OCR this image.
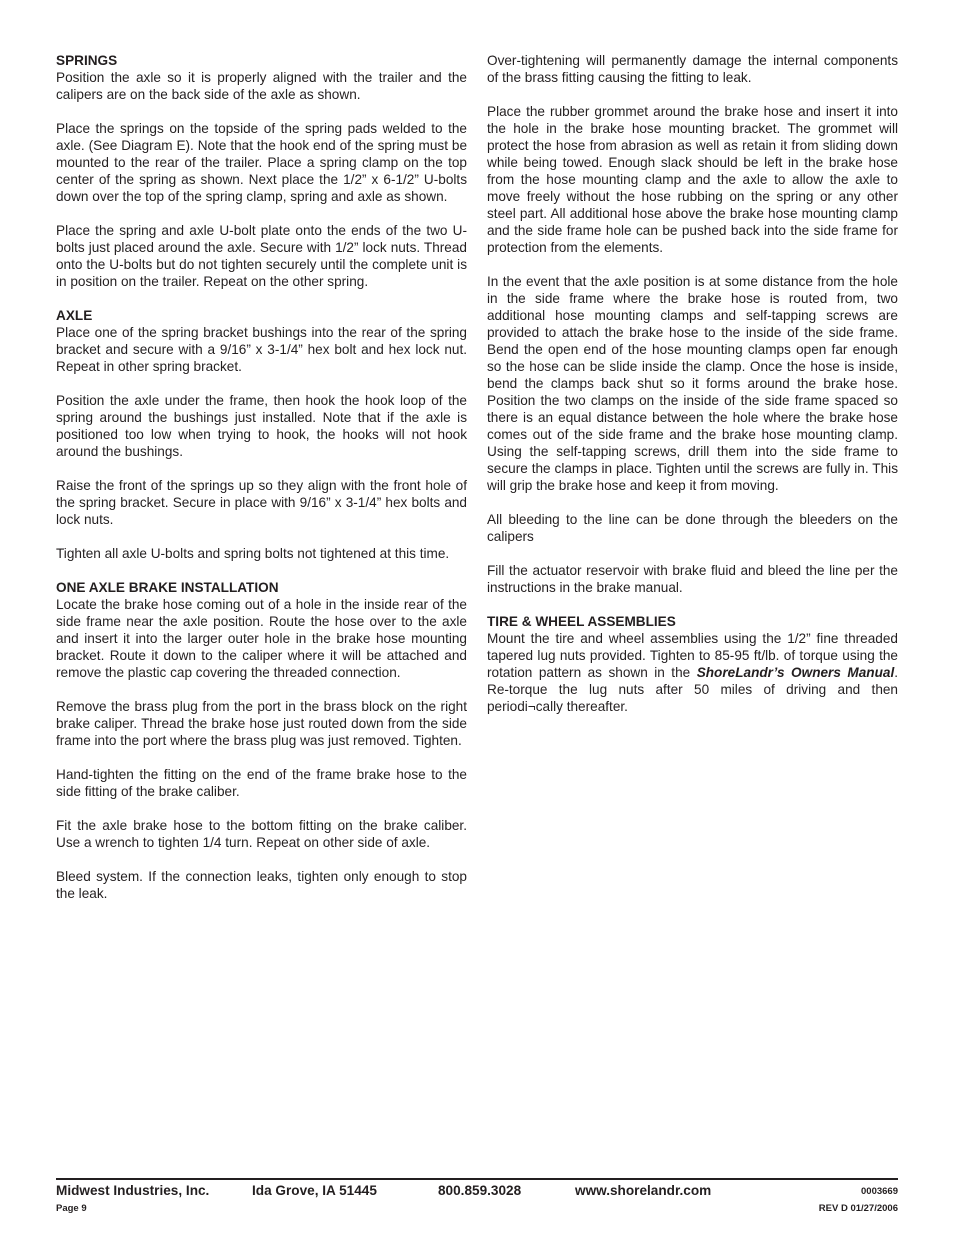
SPRINGS

Position the axle so it is properly aligned with the trailer and the calipers are on the back side of the axle as shown.

Place the springs on the topside of the spring pads welded to the axle. (See Diagram E). Note that the hook end of the spring must be mounted to the rear of the trailer. Place a spring clamp on the top center of the spring as shown. Next place the 1/2” x 6-1/2” U-bolts down over the top of the spring clamp, spring and axle as shown.

Place the spring and axle U-bolt plate onto the ends of the two U-bolts just placed around the axle. Secure with 1/2” lock nuts. Thread onto the U-bolts but do not tighten securely until the complete unit is in position on the trailer. Repeat on the other spring.

AXLE

Place one of the spring bracket bushings into the rear of the spring bracket and secure with a 9/16” x 3-1/4” hex bolt and hex lock nut. Repeat in other spring bracket.

Position the axle under the frame, then hook the hook loop of the spring around the bushings just installed. Note that if the axle is positioned too low when trying to hook, the hooks will not hook around the bushings.

Raise the front of the springs up so they align with the front hole of the spring bracket. Secure in place with 9/16” x 3-1/4” hex bolts and lock nuts.

Tighten all axle U-bolts and spring bolts not tightened at this time.

ONE AXLE BRAKE INSTALLATION

Locate the brake hose coming out of a hole in the inside rear of the side frame near the axle position. Route the hose over to the axle and insert it into the larger outer hole in the brake hose mounting bracket. Route it down to the caliper where it will be attached and remove the plastic cap covering the threaded connection.

Remove the brass plug from the port in the brass block on the right brake caliper. Thread the brake hose just routed down from the side frame into the port where the brass plug was just removed. Tighten.

Hand-tighten the fitting on the end of the frame brake hose to the side fitting of the brake caliber.

Fit the axle brake hose to the bottom fitting on the brake caliber. Use a wrench to tighten 1/4 turn. Repeat on other side of axle.

Bleed system. If the connection leaks, tighten only enough to stop the leak.

Over-tightening will permanently damage the internal components of the brass fitting causing the fitting to leak.

Place the rubber grommet around the brake hose and insert it into the hole in the brake hose mounting bracket. The grommet will protect the hose from abrasion as well as retain it from sliding down while being towed. Enough slack should be left in the brake hose from the hose mounting clamp and the axle to allow the axle to move freely without the hose rubbing on the spring or any other steel part. All additional hose above the brake hose mounting clamp and the side frame hole can be pushed back into the side frame for protection from the elements.

In the event that the axle position is at some distance from the hole in the side frame where the brake hose is routed from, two additional hose mounting clamps and self-tapping screws are provided to attach the brake hose to the inside of the side frame. Bend the open end of the hose mounting clamps open far enough so the hose can be slide inside the clamp. Once the hose is inside, bend the clamps back shut so it forms around the brake hose. Position the two clamps on the inside of the side frame spaced so there is an equal distance between the hole where the brake hose comes out of the side frame and the brake hose mounting clamp. Using the self-tapping screws, drill them into the side frame to secure the clamps in place. Tighten until the screws are fully in. This will grip the brake hose and keep it from moving.

All bleeding to the line can be done through the bleeders on the calipers

Fill the actuator reservoir with brake fluid and bleed the line per the instructions in the brake manual.

TIRE & WHEEL ASSEMBLIES

Mount the tire and wheel assemblies using the 1/2” fine threaded tapered lug nuts provided. Tighten to 85-95 ft/lb. of torque using the rotation pattern as shown in the ShoreLandr’s Owners Manual. Re-torque the lug nuts after 50 miles of driving and then periodi¬cally thereafter.

Midwest Industries, Inc.	Ida Grove, IA 51445	800.859.3028	www.shorelandr.com
Page 9
0003669
REV D 01/27/2006
